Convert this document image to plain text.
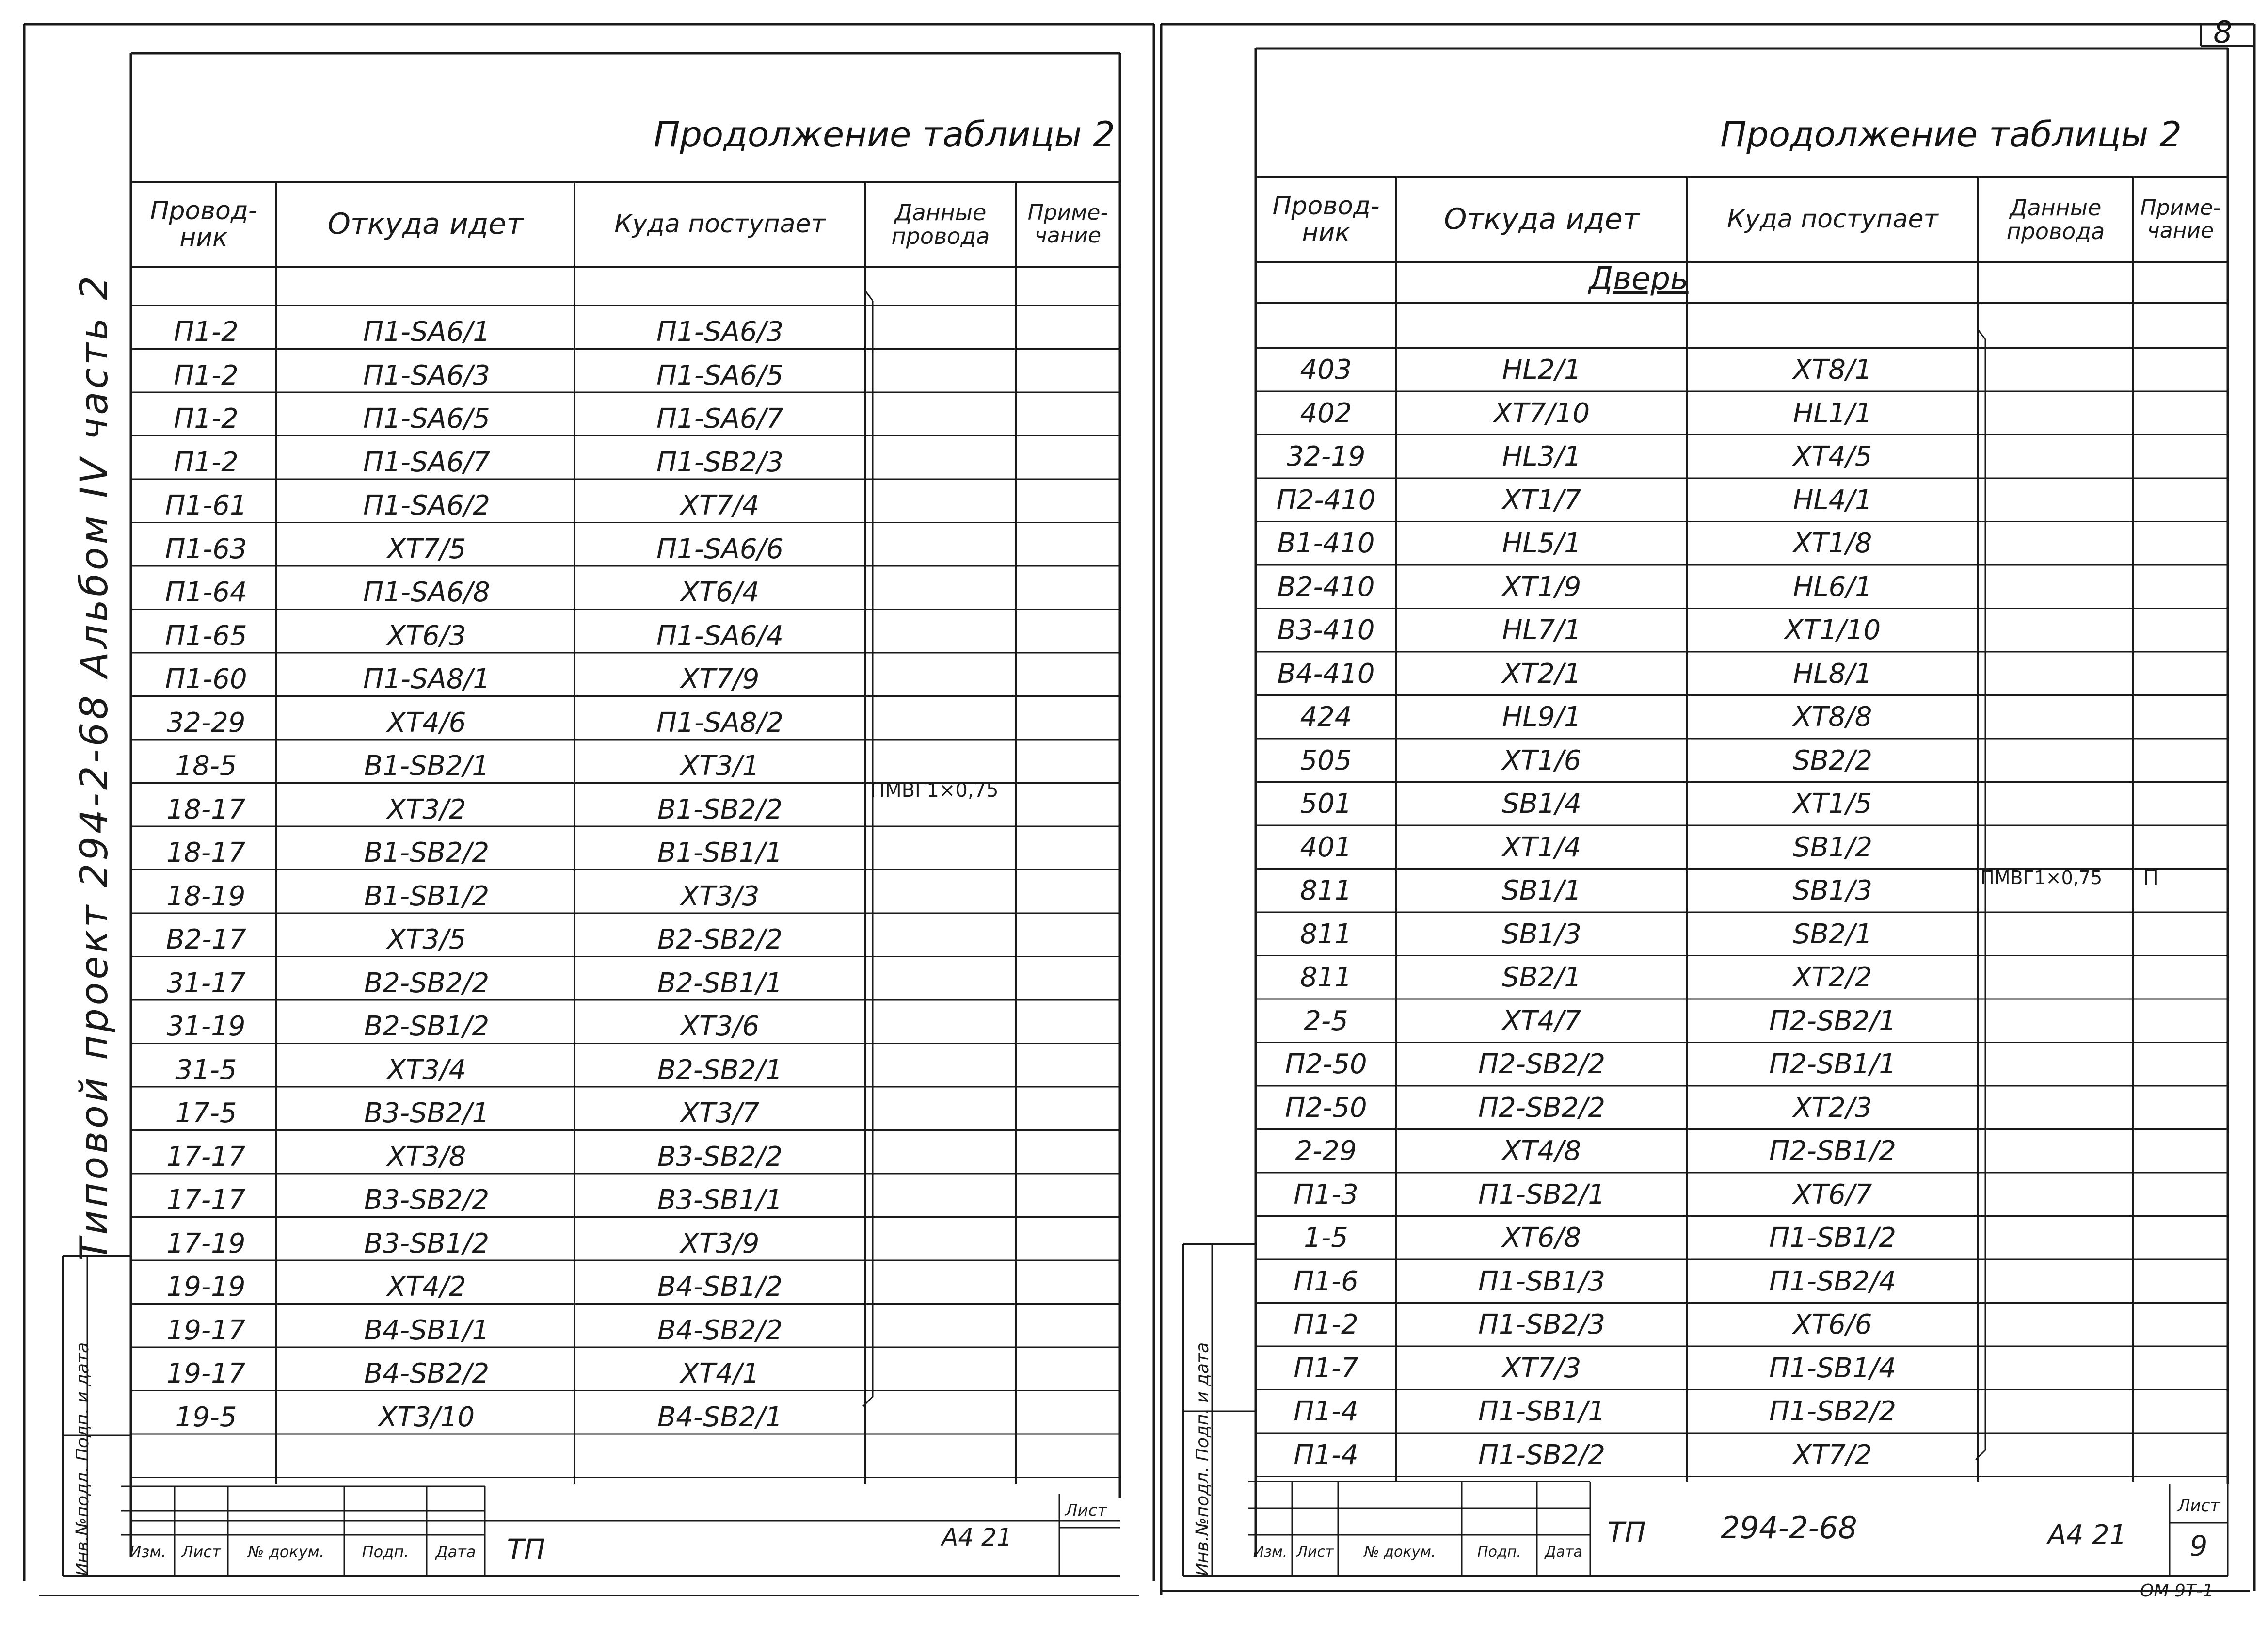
8
Типовой проект 294-2-68 Альбом IV часть 2
Инв.№подл. Подп. и дата
Продолжение таблицы 2
Провод-
ник	Откуда идет	Куда поступает	Данные
провода
Приме-
чание
П1-2	П1-SA6/1	П1-SA6/3
П1-2	П1-SA6/3	П1-SA6/5
П1-2	П1-SA6/5	П1-SA6/7
П1-2	П1-SA6/7	П1-SB2/3
П1-61	П1-SA6/2	XT7/4
П1-63	XT7/5	П1-SA6/6
П1-64	П1-SA6/8	XT6/4
П1-65	XT6/3	П1-SA6/4
П1-60	П1-SA8/1	XT7/9
32-29	XT4/6	П1-SA8/2
18-5	В1-SB2/1	XT3/1
18-17	XT3/2	В1-SB2/2
18-17	В1-SB2/2	В1-SB1/1
18-19	В1-SB1/2	XT3/3
В2-17	XT3/5	В2-SB2/2
31-17	В2-SB2/2	В2-SB1/1
31-19	В2-SB1/2	XT3/6
31-5	XT3/4	В2-SB2/1
17-5	В3-SB2/1	XT3/7
17-17	XT3/8	В3-SB2/2
17-17	В3-SB2/2	В3-SB1/1
17-19	В3-SB1/2	XT3/9
19-19	XT4/2	В4-SB1/2
19-17	В4-SB1/1	В4-SB2/2
19-17	В4-SB2/2	XT4/1
19-5	XT3/10	В4-SB2/1
ПМВГ1×0,75
Изм. Лист	№ докум.	Подп.	Дата	ТП	А4 21
Лист	Инв.№подл. Подп. и дата
Продолжение таблицы 2
Провод-
ник	Откуда идет	Куда поступает	Данные
провода
Приме-
чание
Дверь
403	HL2/1	XT8/1
402	XT7/10	HL1/1
32-19	HL3/1	XT4/5
П2-410	XT1/7	HL4/1
В1-410	HL5/1	XT1/8
В2-410	XT1/9	HL6/1
В3-410	HL7/1	XT1/10
В4-410	XT2/1	HL8/1
424	HL9/1	XT8/8
505	XT1/6	SB2/2
501	SB1/4	XT1/5
401	XT1/4	SB1/2
811	SB1/1	SB1/3
811	SB1/3	SB2/1
811	SB2/1	XT2/2
2-5	XT4/7	П2-SB2/1
П2-50	П2-SB2/2	П2-SB1/1
П2-50	П2-SB2/2	XT2/3
2-29	XT4/8	П2-SB1/2
П1-3	П1-SB2/1	XT6/7
1-5	XT6/8	П1-SB1/2
П1-6	П1-SB1/3	П1-SB2/4
П1-2	П1-SB2/3	XT6/6
П1-7	XT7/3	П1-SB1/4
П1-4	П1-SB1/1	П1-SB2/2
П1-4	П1-SB2/2	XT7/2
ПМВГ1×0,75	П
Изм. Лист	№ докум.	Подп.	Дата
ТП	294-2-68	А4 21
Лист
9
ОМ 9Т-1
